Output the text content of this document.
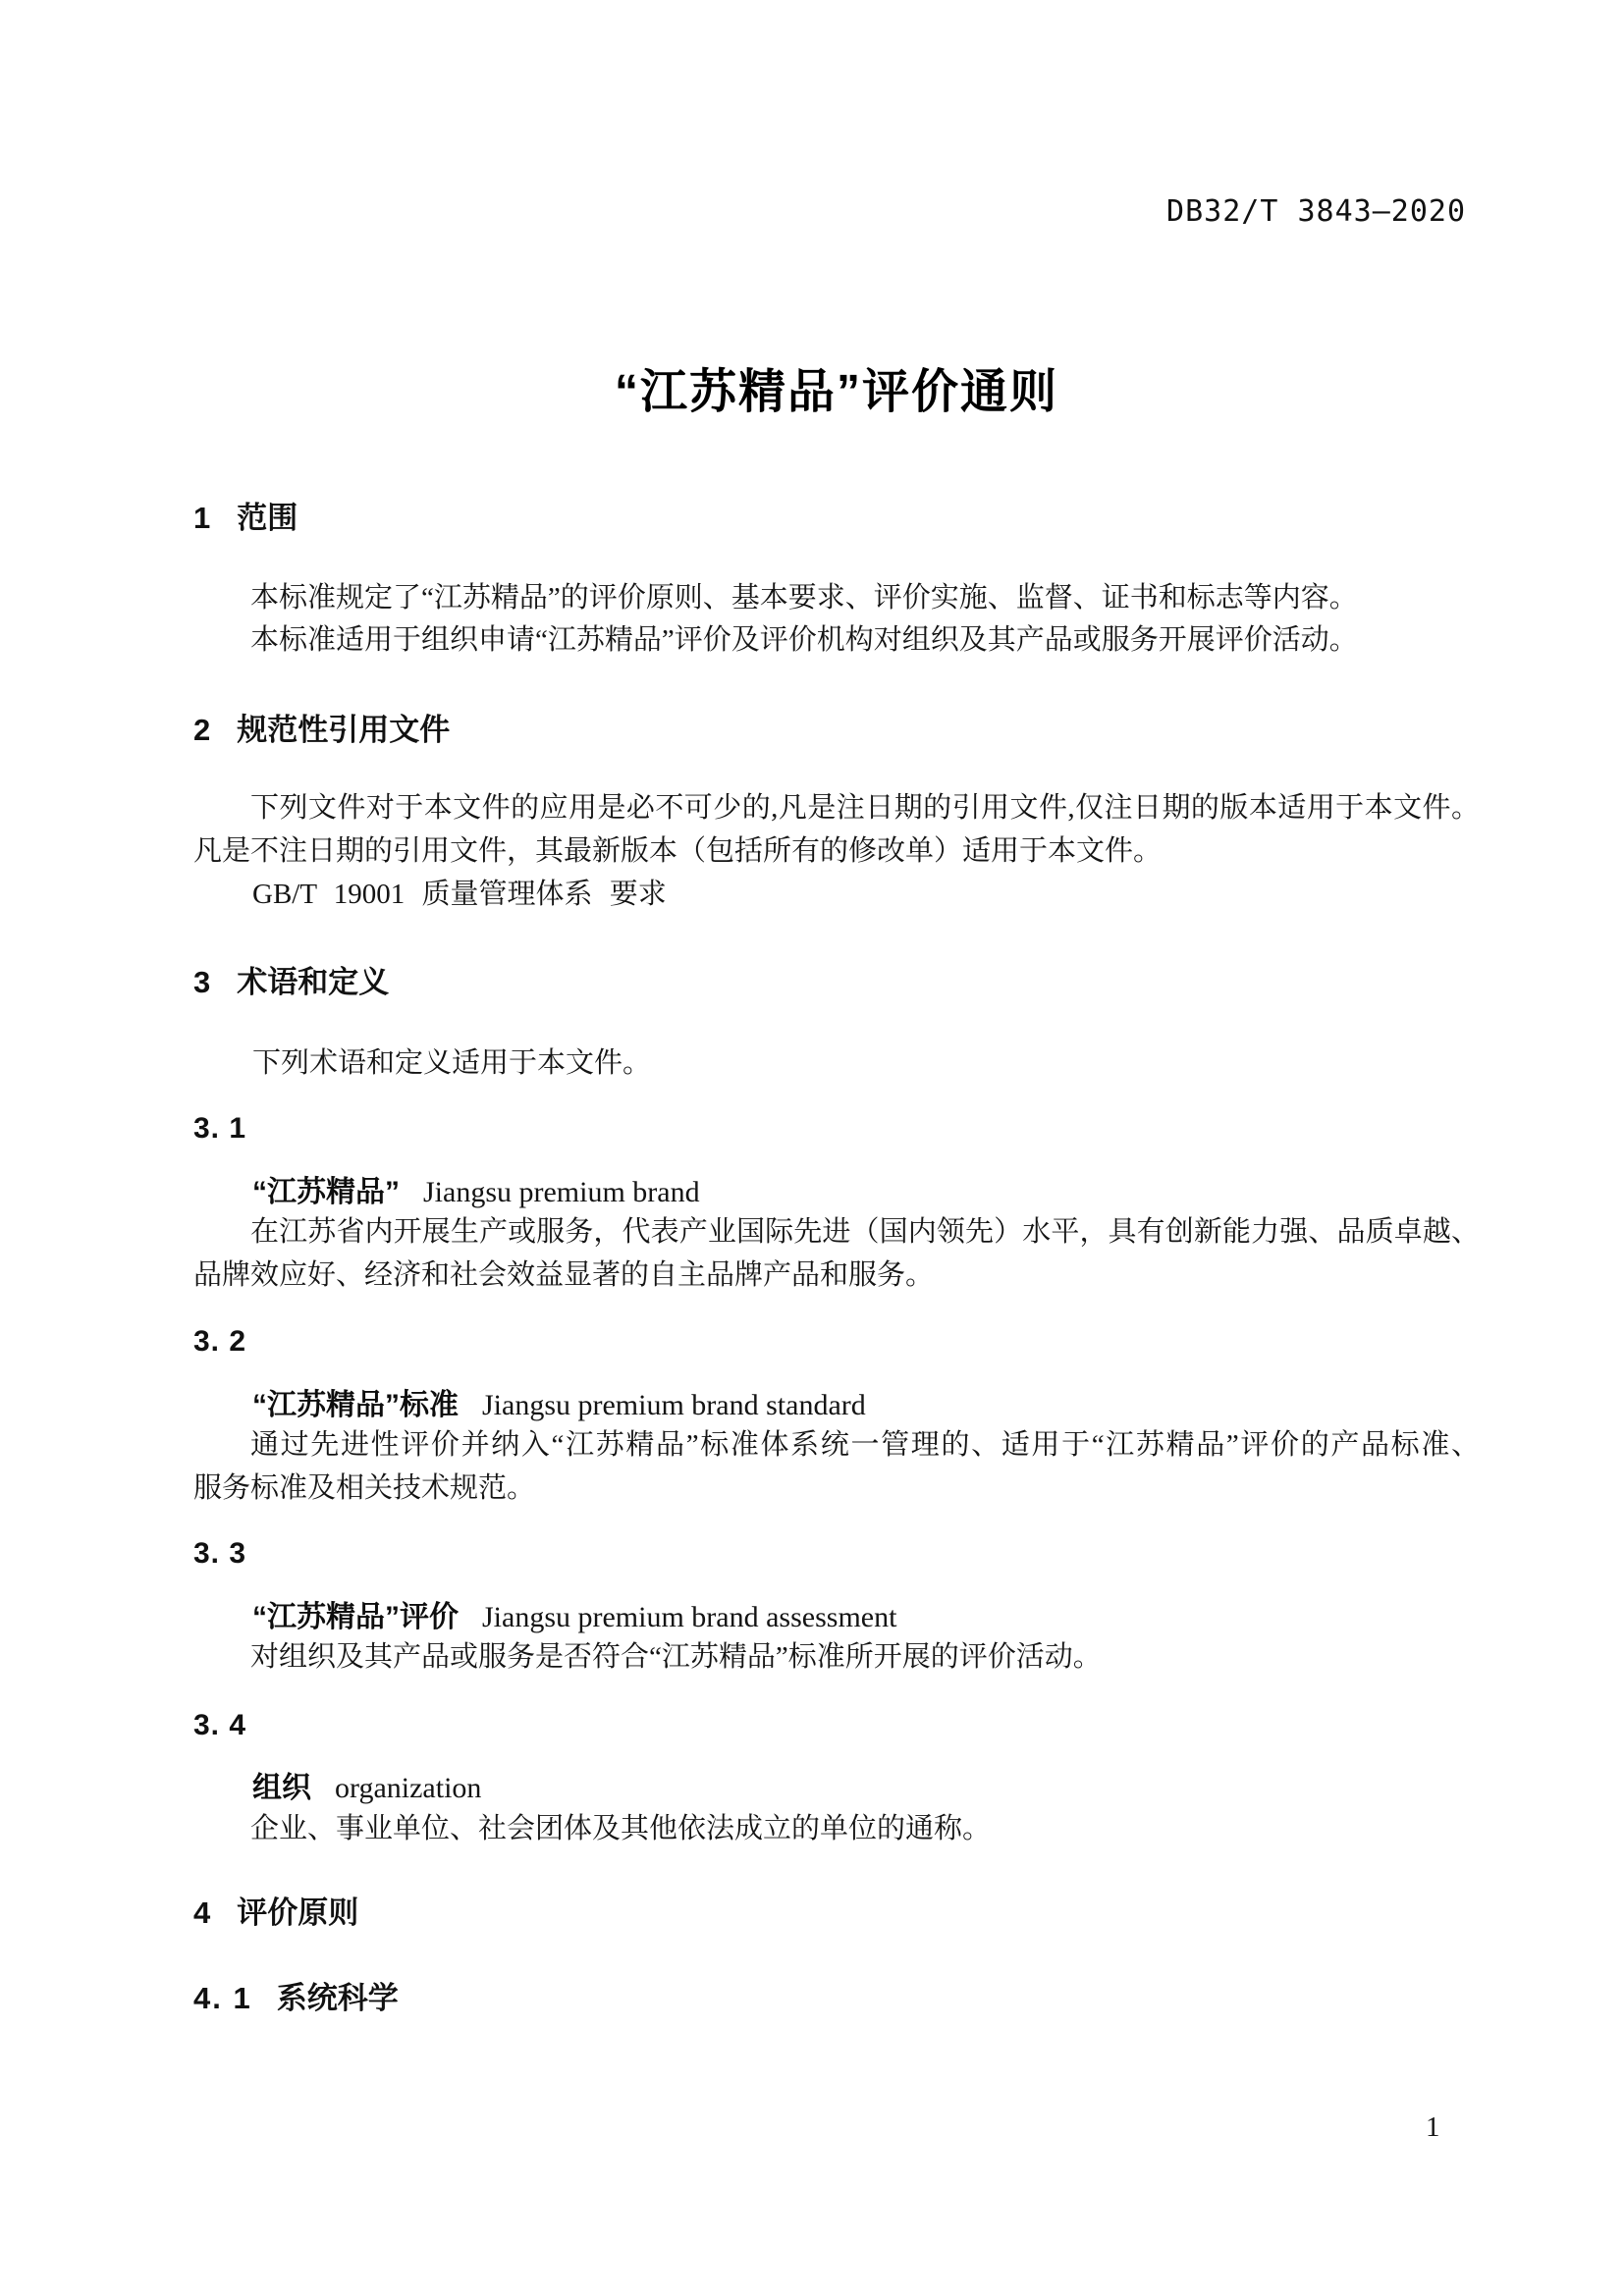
DB32/T 3843—2020
“江苏精品”评价通则
1 范围
本标准规定了“江苏精品”的评价原则、基本要求、评价实施、监督、证书和标志等内容。
本标准适用于组织申请“江苏精品”评价及评价机构对组织及其产品或服务开展评价活动。
2 规范性引用文件
下列文件对于本文件的应用是必不可少的,凡是注日期的引用文件,仅注日期的版本适用于本文件。
凡是不注日期的引用文件，其最新版本（包括所有的修改单）适用于本文件。
GB/T 19001 质量管理体系 要求
3 术语和定义
下列术语和定义适用于本文件。
3. 1
“江苏精品” Jiangsu premium brand
在江苏省内开展生产或服务，代表产业国际先进（国内领先）水平，具有创新能力强、品质卓越、
品牌效应好、经济和社会效益显著的自主品牌产品和服务。
3. 2
“江苏精品”标准 Jiangsu premium brand standard
通过先进性评价并纳入“江苏精品”标准体系统一管理的、适用于“江苏精品”评价的产品标准、
服务标准及相关技术规范。
3. 3
“江苏精品”评价 Jiangsu premium brand assessment
对组织及其产品或服务是否符合“江苏精品”标准所开展的评价活动。
3. 4
组织 organization
企业、事业单位、社会团体及其他依法成立的单位的通称。
4 评价原则
4. 1 系统科学
1
